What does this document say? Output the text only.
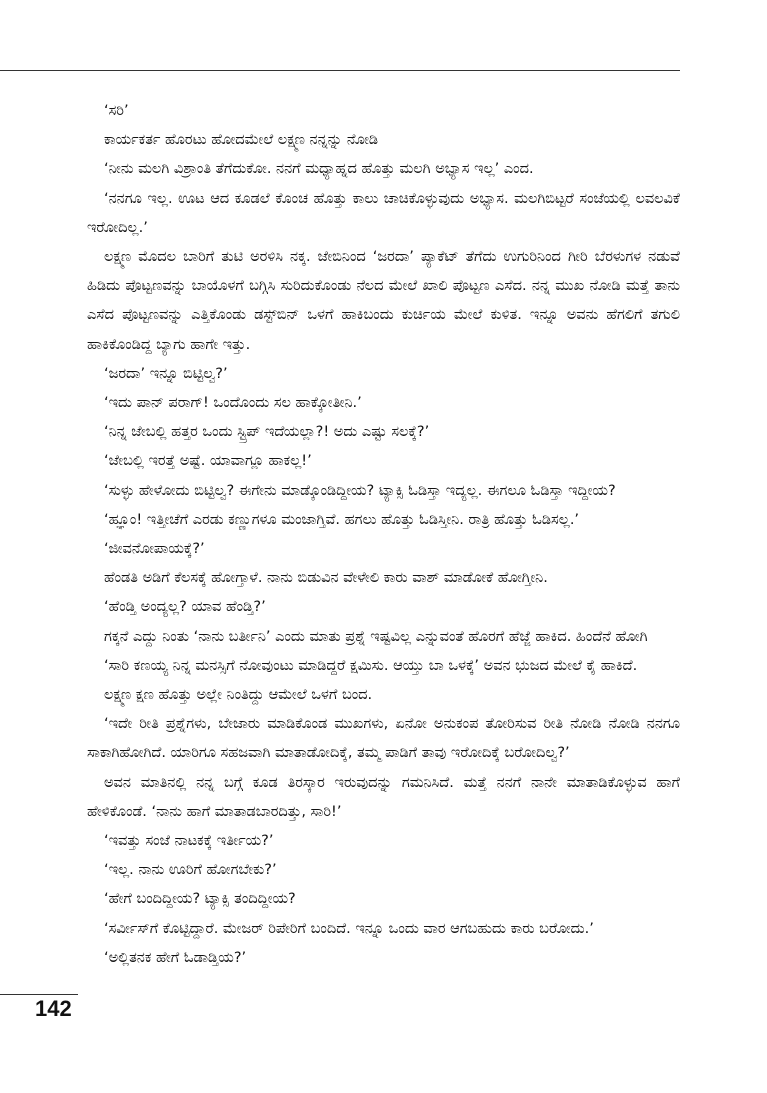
‘ಸರಿ’

ಕಾರ್ಯಕರ್ತ ಹೊರಟು ಹೋದಮೇಲೆ ಲಕ್ಷ್ಮಣ ನನ್ನನ್ನು ನೋಡಿ

‘ನೀನು ಮಲಗಿ ವಿಶ್ರಾಂತಿ ತೆಗೆದುಕೋ. ನನಗೆ ಮಧ್ಯಾಹ್ನದ ಹೊತ್ತು ಮಲಗಿ ಅಭ್ಯಾಸ ಇಲ್ಲ’ ಎಂದ.

‘ನನಗೂ ಇಲ್ಲ. ಊಟ ಆದ ಕೂಡಲೆ ಕೊಂಚ ಹೊತ್ತು ಕಾಲು ಚಾಚಿಕೊಳ್ಳುವುದು ಅಭ್ಯಾಸ. ಮಲಗಿಬಿಟ್ಟರೆ ಸಂಜೆಯಲ್ಲಿ ಲವಲವಿಕೆ ಇರೋದಿಲ್ಲ.’

ಲಕ್ಷ್ಮಣ ಮೊದಲ ಬಾರಿಗೆ ತುಟಿ ಅರಳಿಸಿ ನಕ್ಕ. ಜೇಬಿನಿಂದ ‘ಜರದಾ’ ಪ್ಯಾಕೆಟ್ ತೆಗೆದು ಉಗುರಿನಿಂದ ಗೀರಿ ಬೆರಳುಗಳ ನಡುವೆ ಹಿಡಿದು ಪೊಟ್ಟಣವನ್ನು ಬಾಯೊಳಗೆ ಬಗ್ಗಿಸಿ ಸುರಿದುಕೊಂಡು ನೆಲದ ಮೇಲೆ ಖಾಲಿ ಪೊಟ್ಟಣ ಎಸೆದ. ನನ್ನ ಮುಖ ನೋಡಿ ಮತ್ತೆ ತಾನು ಎಸೆದ ಪೊಟ್ಟಣವನ್ನು ಎತ್ತಿಕೊಂಡು ಡಸ್ಟ್‌ಬಿನ್ ಒಳಗೆ ಹಾಕಿಬಂದು ಕುರ್ಚಿಯ ಮೇಲೆ ಕುಳಿತ. ಇನ್ನೂ ಅವನು ಹೆಗಲಿಗೆ ತಗುಲಿ ಹಾಕಿಕೊಂಡಿದ್ದ ಬ್ಯಾಗು ಹಾಗೇ ಇತ್ತು.

‘ಜರದಾ’ ಇನ್ನೂ ಬಿಟ್ಟಿಲ್ವ?’

‘ಇದು ಪಾನ್ ಪರಾಗ್! ಒಂದೊಂದು ಸಲ ಹಾಕ್ಕೋತೀನಿ.’

‘ನಿನ್ನ ಜೇಬಲ್ಲಿ ಹತ್ತರ ಒಂದು ಸ್ಟ್ರಿಪ್ ಇದೆಯಲ್ಲಾ?! ಅದು ಎಷ್ಟು ಸಲಕ್ಕೆ?’

‘ಜೇಬಲ್ಲಿ ಇರತ್ತೆ ಅಷ್ಟೆ. ಯಾವಾಗ್ಲೂ ಹಾಕಲ್ಲ!’

‘ಸುಳ್ಳು ಹೇಳೋದು ಬಿಟ್ಟಿಲ್ವ? ಈಗೇನು ಮಾಡ್ಕೊಂಡಿದ್ದೀಯ? ಟ್ಯಾಕ್ಸಿ ಓಡಿಸ್ತಾ ಇದ್ಯಲ್ಲ. ಈಗಲೂ ಓಡಿಸ್ತಾ ಇದ್ದೀಯ?

‘ಹ್ಞೂಂ! ಇತ್ತೀಚೆಗೆ ಎರಡು ಕಣ್ಣುಗಳೂ ಮಂಜಾಗ್ತಿವೆ. ಹಗಲು ಹೊತ್ತು ಓಡಿಸ್ತೀನಿ. ರಾತ್ರಿ ಹೊತ್ತು ಓಡಿಸಲ್ಲ.’

‘ಜೀವನೋಪಾಯಕ್ಕೆ?’

ಹೆಂಡತಿ ಅಡಿಗೆ ಕೆಲಸಕ್ಕೆ ಹೋಗ್ತಾಳೆ. ನಾನು ಬಿಡುವಿನ ವೇಳೇಲಿ ಕಾರು ವಾಶ್ ಮಾಡೋಕೆ ಹೋಗ್ತೀನಿ.

‘ಹೆಂಡ್ತಿ ಅಂದ್ಯಲ್ಲ? ಯಾವ ಹೆಂಡ್ತಿ?’

ಗಕ್ಕನೆ ಎದ್ದು ನಿಂತು ‘ನಾನು ಬರ್ತೀನಿ’ ಎಂದು ಮಾತು ಪ್ರಶ್ನೆ ಇಷ್ಟವಿಲ್ಲ ಎನ್ನುವಂತೆ ಹೊರಗೆ ಹೆಜ್ಜೆ ಹಾಕಿದ. ಹಿಂದೆನೆ ಹೋಗಿ

‘ಸಾರಿ ಕಣಯ್ಯ ನಿನ್ನ ಮನಸ್ಸಿಗೆ ನೋವುಂಟು ಮಾಡಿದ್ದರೆ ಕ್ಷಮಿಸು. ಆಯ್ತು ಬಾ ಒಳಕ್ಕೆ’ ಅವನ ಭುಜದ ಮೇಲೆ ಕೈ ಹಾಕಿದೆ.

ಲಕ್ಷ್ಮಣ ಕ್ಷಣ ಹೊತ್ತು ಅಲ್ಲೇ ನಿಂತಿದ್ದು ಆಮೇಲೆ ಒಳಗೆ ಬಂದ.

‘ಇದೇ ರೀತಿ ಪ್ರಶ್ನೆಗಳು, ಬೇಜಾರು ಮಾಡಿಕೊಂಡ ಮುಖಗಳು, ಏನೋ ಅನುಕಂಪ ತೋರಿಸುವ ರೀತಿ ನೋಡಿ ನೋಡಿ ನನಗೂ ಸಾಕಾಗಿಹೋಗಿದೆ. ಯಾರಿಗೂ ಸಹಜವಾಗಿ ಮಾತಾಡೋದಿಕ್ಕೆ, ತಮ್ಮ ಪಾಡಿಗೆ ತಾವು ಇರೋದಿಕ್ಕೆ ಬರೋದಿಲ್ವ?’

ಅವನ ಮಾತಿನಲ್ಲಿ ನನ್ನ ಬಗ್ಗೆ ಕೂಡ ತಿರಸ್ಕಾರ ಇರುವುದನ್ನು ಗಮನಿಸಿದೆ. ಮತ್ತೆ ನನಗೆ ನಾನೇ ಮಾತಾಡಿಕೊಳ್ಳುವ ಹಾಗೆ ಹೇಳಿಕೊಂಡೆ. ‘ನಾನು ಹಾಗೆ ಮಾತಾಡಬಾರದಿತ್ತು, ಸಾರಿ!’

‘ಇವತ್ತು ಸಂಜೆ ನಾಟಕಕ್ಕೆ ಇರ್ತೀಯ?’

‘ಇಲ್ಲ. ನಾನು ಊರಿಗೆ ಹೋಗಬೇಕು?’

‘ಹೇಗೆ ಬಂದಿದ್ದೀಯ? ಟ್ಯಾಕ್ಸಿ ತಂದಿದ್ದೀಯ?

‘ಸರ್ವೀಸ್‌ಗೆ ಕೊಟ್ಟಿದ್ದಾರೆ. ಮೇಜರ್ ರಿಪೇರಿಗೆ ಬಂದಿದೆ. ಇನ್ನೂ ಒಂದು ವಾರ ಆಗಬಹುದು ಕಾರು ಬರೋದು.’

‘ಅಲ್ಲಿತನಕ ಹೇಗೆ ಓಡಾಡ್ತಿಯ?’

142
